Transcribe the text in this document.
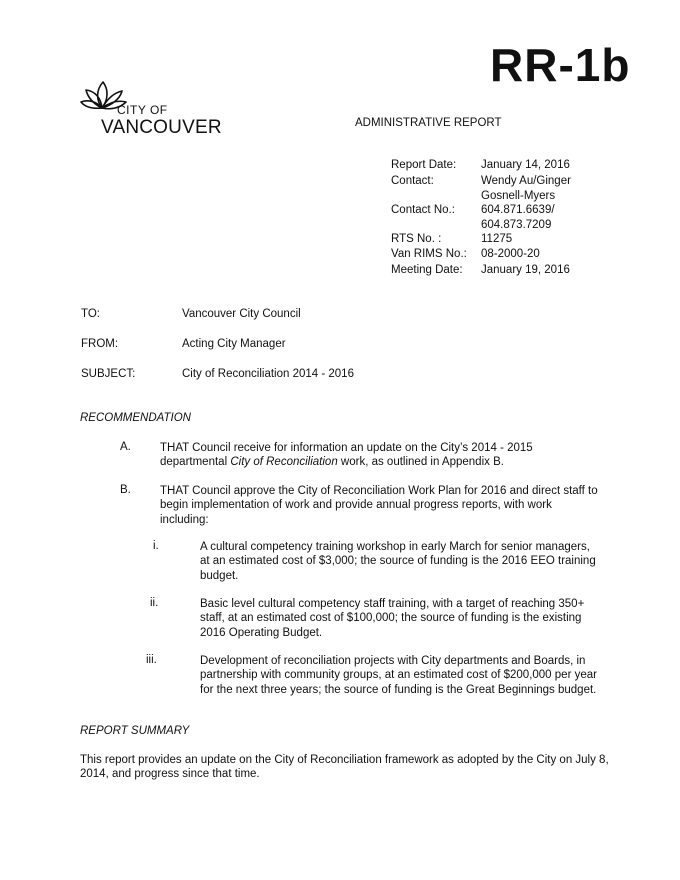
RR-1b
CITY OF
VANCOUVER	ADMINISTRATIVE REPORT
Report Date:	January 14, 2016
Contact:	Wendy Au/Ginger Gosnell-Myers
Contact No.:	604.871.6639/ 604.873.7209
RTS No. :	11275
Van RIMS No.:	08-2000-20
Meeting Date:	January 19, 2016
TO:	Vancouver City Council
FROM:	Acting City Manager
SUBJECT:	City of Reconciliation 2014 - 2016
RECOMMENDATION
A.	THAT Council receive for information an update on the City’s 2014 - 2015 departmental City of Reconciliation work, as outlined in Appendix B.
B.	THAT Council approve the City of Reconciliation Work Plan for 2016 and direct staff to begin implementation of work and provide annual progress reports, with work including:
i.	A cultural competency training workshop in early March for senior managers, at an estimated cost of $3,000; the source of funding is the 2016 EEO training budget.
ii.	Basic level cultural competency staff training, with a target of reaching 350+ staff, at an estimated cost of $100,000; the source of funding is the existing 2016 Operating Budget.
iii.	Development of reconciliation projects with City departments and Boards, in partnership with community groups, at an estimated cost of $200,000 per year for the next three years; the source of funding is the Great Beginnings budget.
REPORT SUMMARY
This report provides an update on the City of Reconciliation framework as adopted by the City on July 8, 2014, and progress since that time.
